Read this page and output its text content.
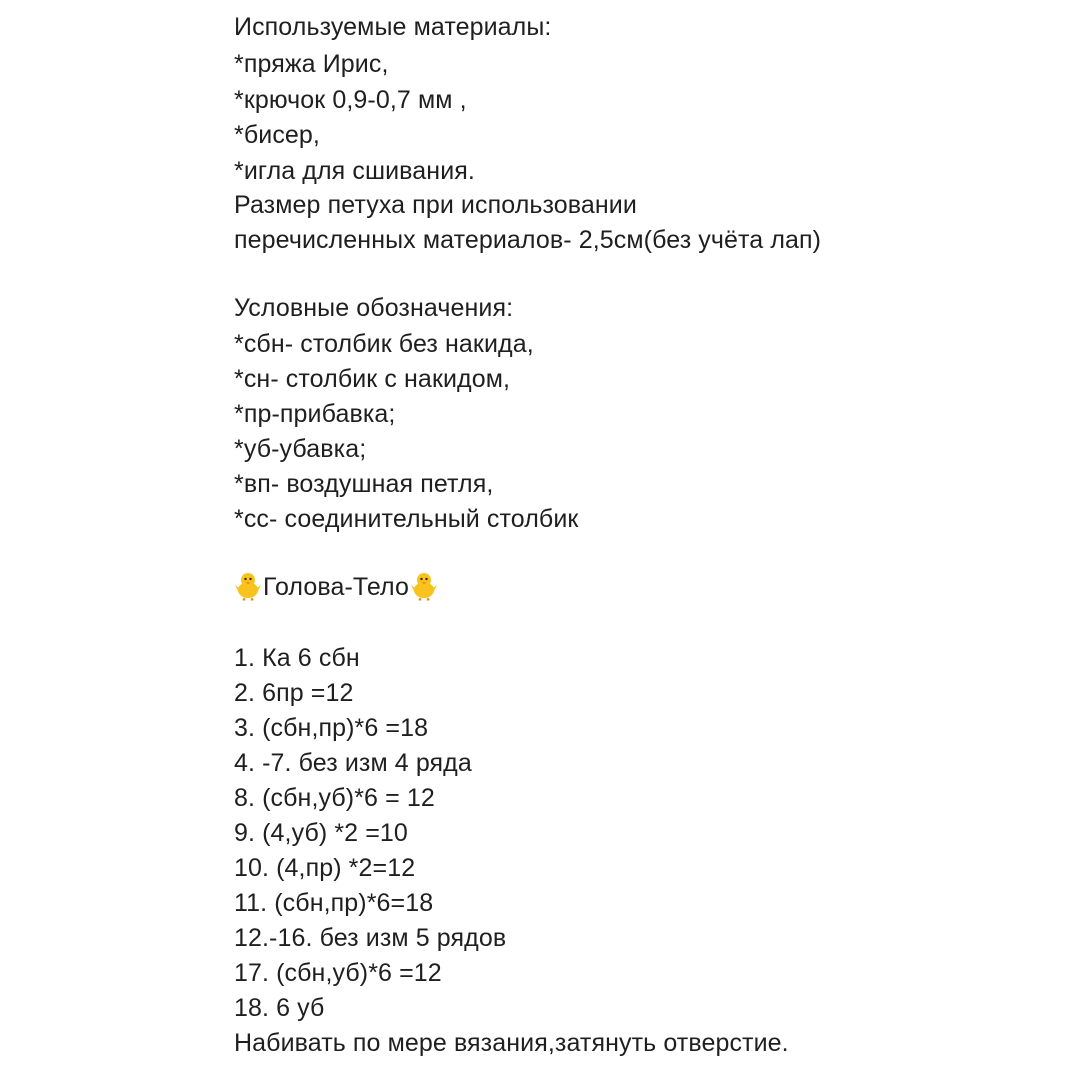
Используемые материалы:
*пряжа Ирис,
*крючок 0,9-0,7 мм ,
*бисер,
*игла для сшивания.
Размер петуха при использовании
перечисленных материалов- 2,5см(без учёта лап)
Условные обозначения:
*сбн- столбик без накида,
*сн- столбик с накидом,
*пр-прибавка;
*уб-убавка;
*вп- воздушная петля,
*сс- соединительный столбик
Голова-Тело
1. Ка 6 сбн
2. 6пр =12
3. (сбн,пр)*6 =18
4. -7. без изм 4 ряда
8. (сбн,уб)*6 = 12
9. (4,уб) *2 =10
10. (4,пр) *2=12
11. (сбн,пр)*6=18
12.-16. без изм 5 рядов
17. (сбн,уб)*6 =12
18. 6 уб
Набивать по мере вязания,затянуть отверстие.
